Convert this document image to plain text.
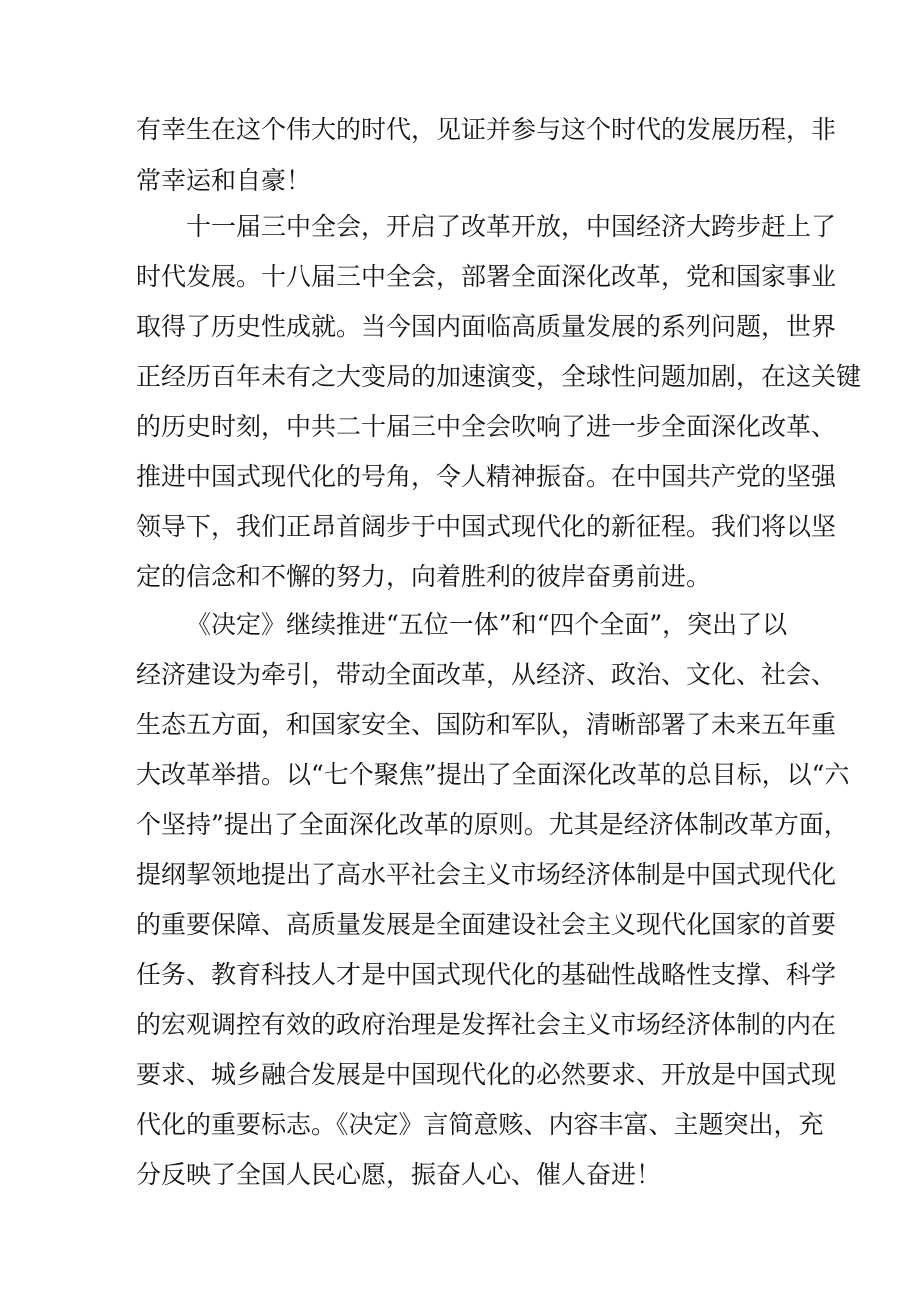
有幸生在这个伟大的时代，见证并参与这个时代的发展历程，非
常幸运和自豪！
十一届三中全会，开启了改革开放，中国经济大跨步赶上了
时代发展。十八届三中全会，部署全面深化改革，党和国家事业
取得了历史性成就。当今国内面临高质量发展的系列问题，世界
正经历百年未有之大变局的加速演变，全球性问题加剧，在这关键
的历史时刻，中共二十届三中全会吹响了进一步全面深化改革、
推进中国式现代化的号角，令人精神振奋。在中国共产党的坚强
领导下，我们正昂首阔步于中国式现代化的新征程。我们将以坚
定的信念和不懈的努力，向着胜利的彼岸奋勇前进。
《决定》继续推进“五位一体”和“四个全面”，突出了以
经济建设为牵引，带动全面改革，从经济、政治、文化、社会、
生态五方面，和国家安全、国防和军队，清晰部署了未来五年重
大改革举措。以“七个聚焦”提出了全面深化改革的总目标，以“六
个坚持”提出了全面深化改革的原则。尤其是经济体制改革方面，
提纲挈领地提出了高水平社会主义市场经济体制是中国式现代化
的重要保障、高质量发展是全面建设社会主义现代化国家的首要
任务、教育科技人才是中国式现代化的基础性战略性支撑、科学
的宏观调控有效的政府治理是发挥社会主义市场经济体制的内在
要求、城乡融合发展是中国现代化的必然要求、开放是中国式现
代化的重要标志。《决定》言简意赅、内容丰富、主题突出，充
分反映了全国人民心愿，振奋人心、催人奋进！
